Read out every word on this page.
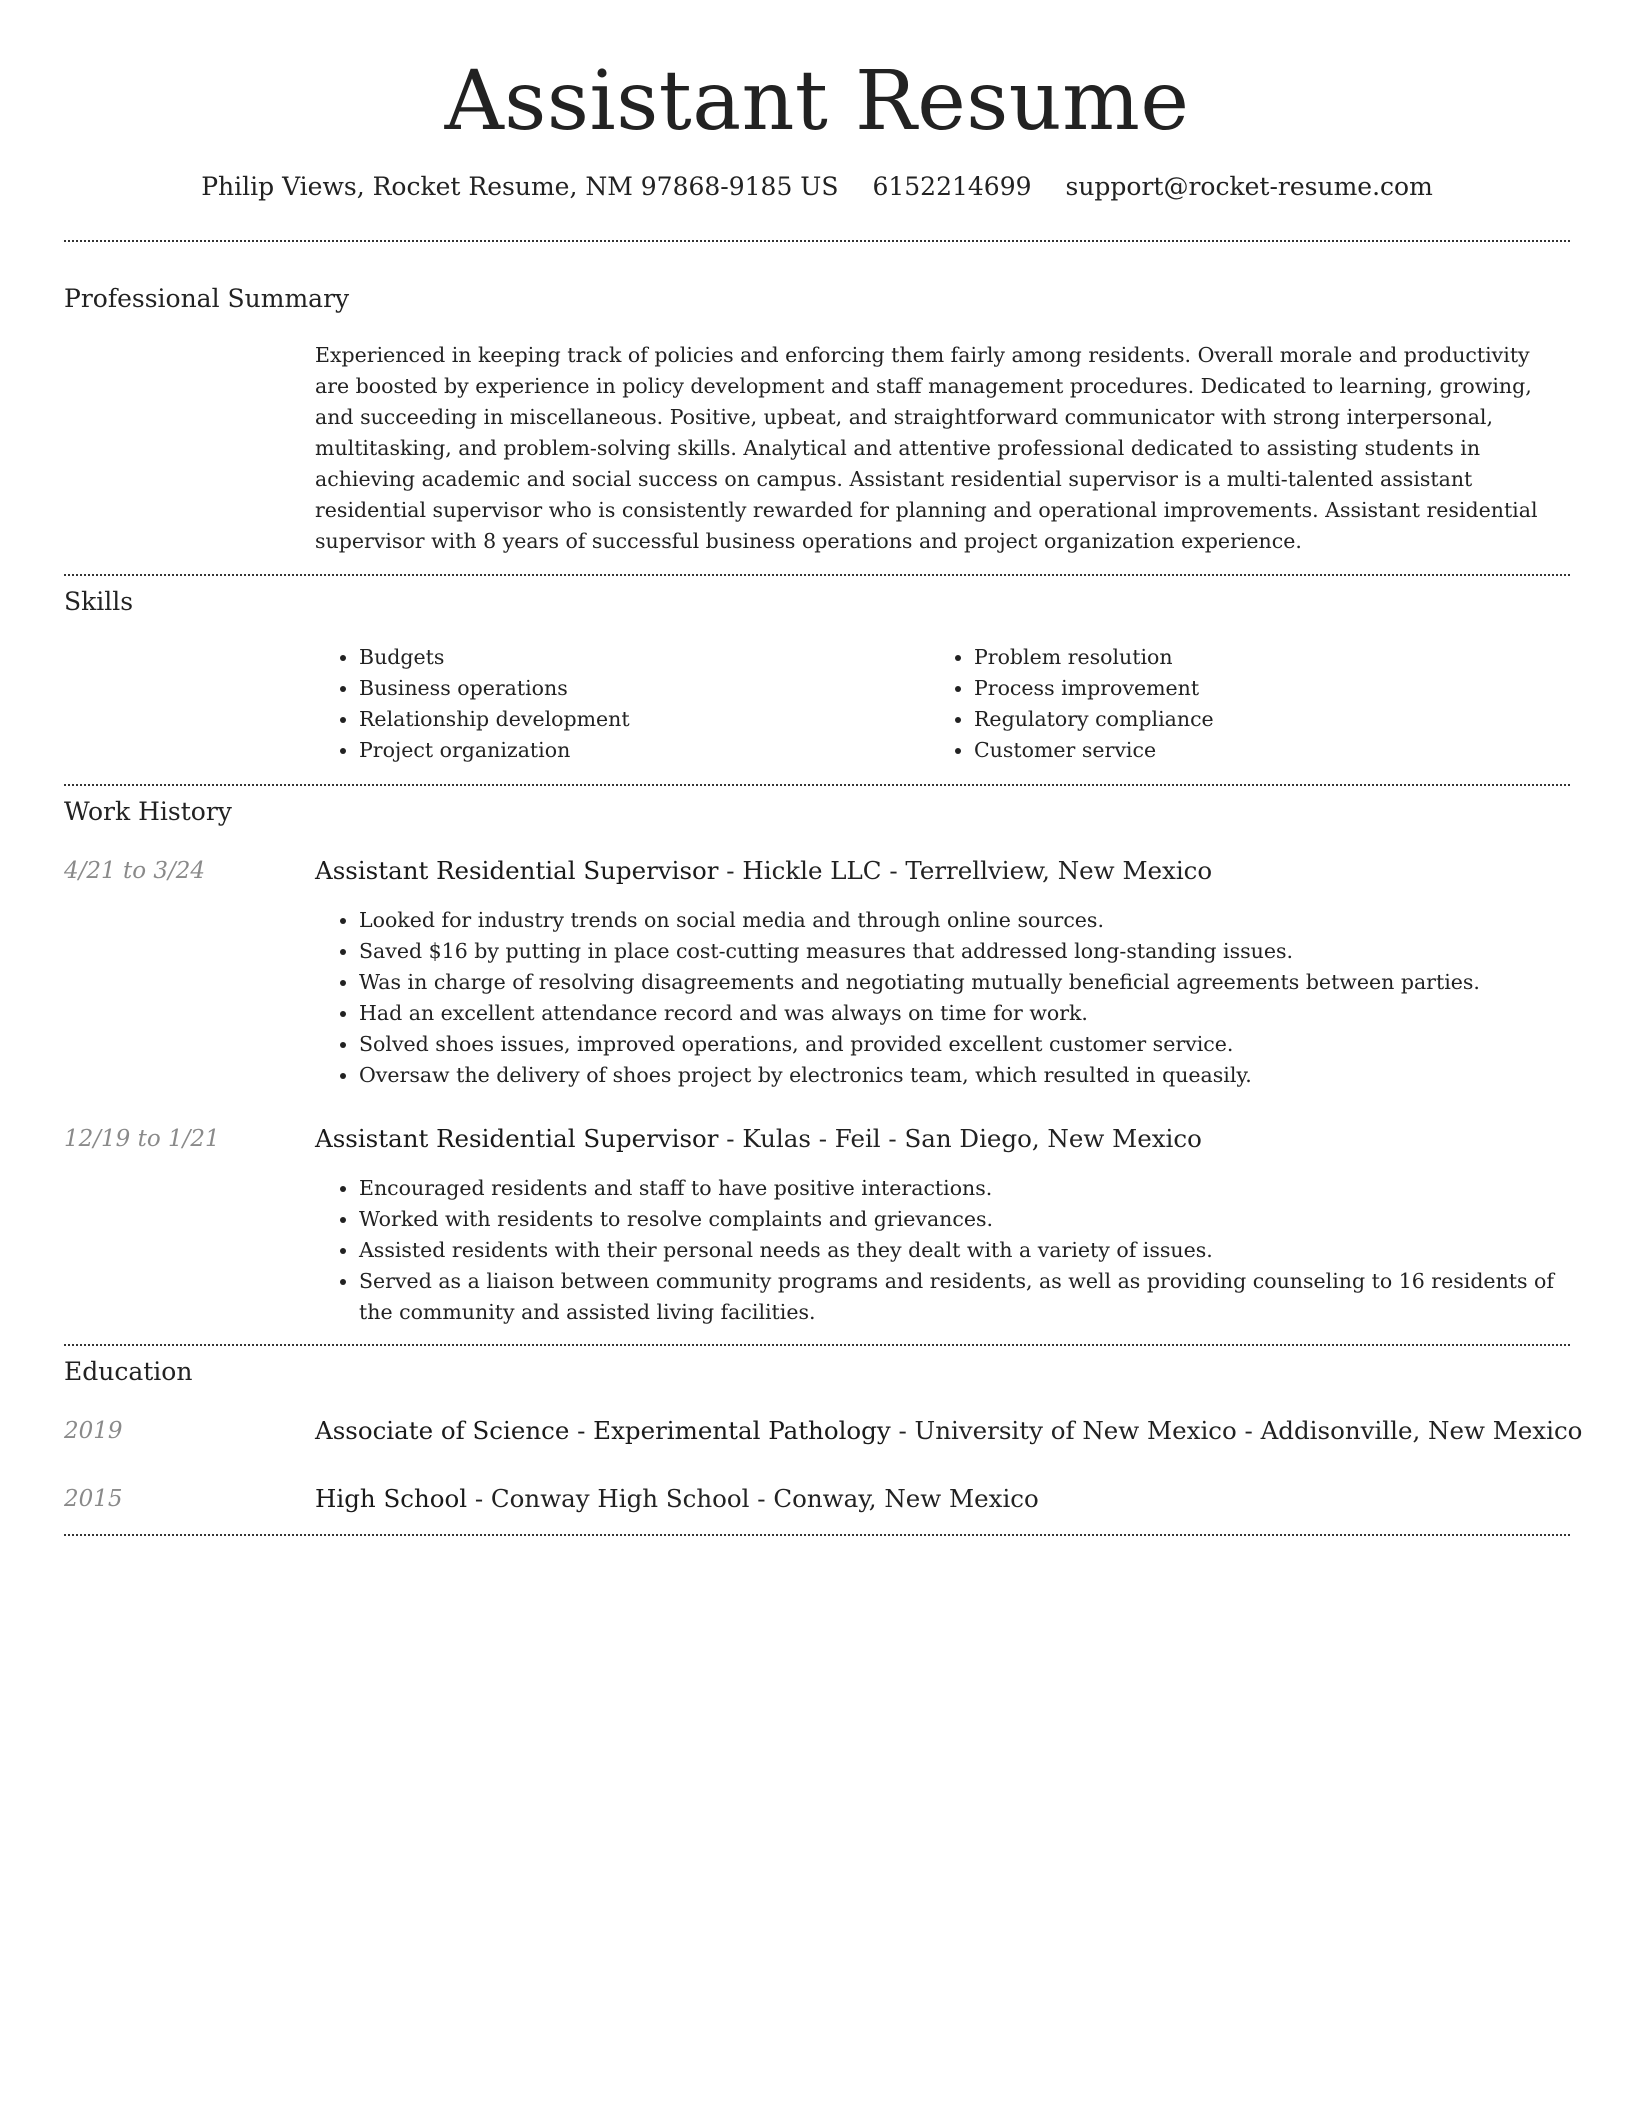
Assistant Resume
Philip Views, Rocket Resume, NM 97868-9185 US 6152214699 support@rocket-resume.com
Professional Summary

Experienced in keeping track of policies and enforcing them fairly among residents. Overall morale and productivity are boosted by experience in policy development and staff management procedures. Dedicated to learning, growing, and succeeding in miscellaneous. Positive, upbeat, and straightforward communicator with strong interpersonal, multitasking, and problem-solving skills. Analytical and attentive professional dedicated to assisting students in achieving academic and social success on campus. Assistant residential supervisor is a multi-talented assistant residential supervisor who is consistently rewarded for planning and operational improvements. Assistant residential supervisor with 8 years of successful business operations and project organization experience.

Skills
• Budgets
• Business operations
• Relationship development
• Project organization
• Problem resolution
• Process improvement
• Regulatory compliance
• Customer service
Work History
4/21 to 3/24	Assistant Residential Supervisor - Hickle LLC - Terrellview, New Mexico
• Looked for industry trends on social media and through online sources.
• Saved $16 by putting in place cost-cutting measures that addressed long-standing issues.
• Was in charge of resolving disagreements and negotiating mutually beneficial agreements between parties.
• Had an excellent attendance record and was always on time for work.
• Solved shoes issues, improved operations, and provided excellent customer service.
• Oversaw the delivery of shoes project by electronics team, which resulted in queasily.
12/19 to 1/21	Assistant Residential Supervisor - Kulas - Feil - San Diego, New Mexico
• Encouraged residents and staff to have positive interactions.
• Worked with residents to resolve complaints and grievances.
• Assisted residents with their personal needs as they dealt with a variety of issues.
• Served as a liaison between community programs and residents, as well as providing counseling to 16 residents of the community and assisted living facilities.
Education
2019	Associate of Science - Experimental Pathology - University of New Mexico - Addisonville, New Mexico
2015	High School - Conway High School - Conway, New Mexico
